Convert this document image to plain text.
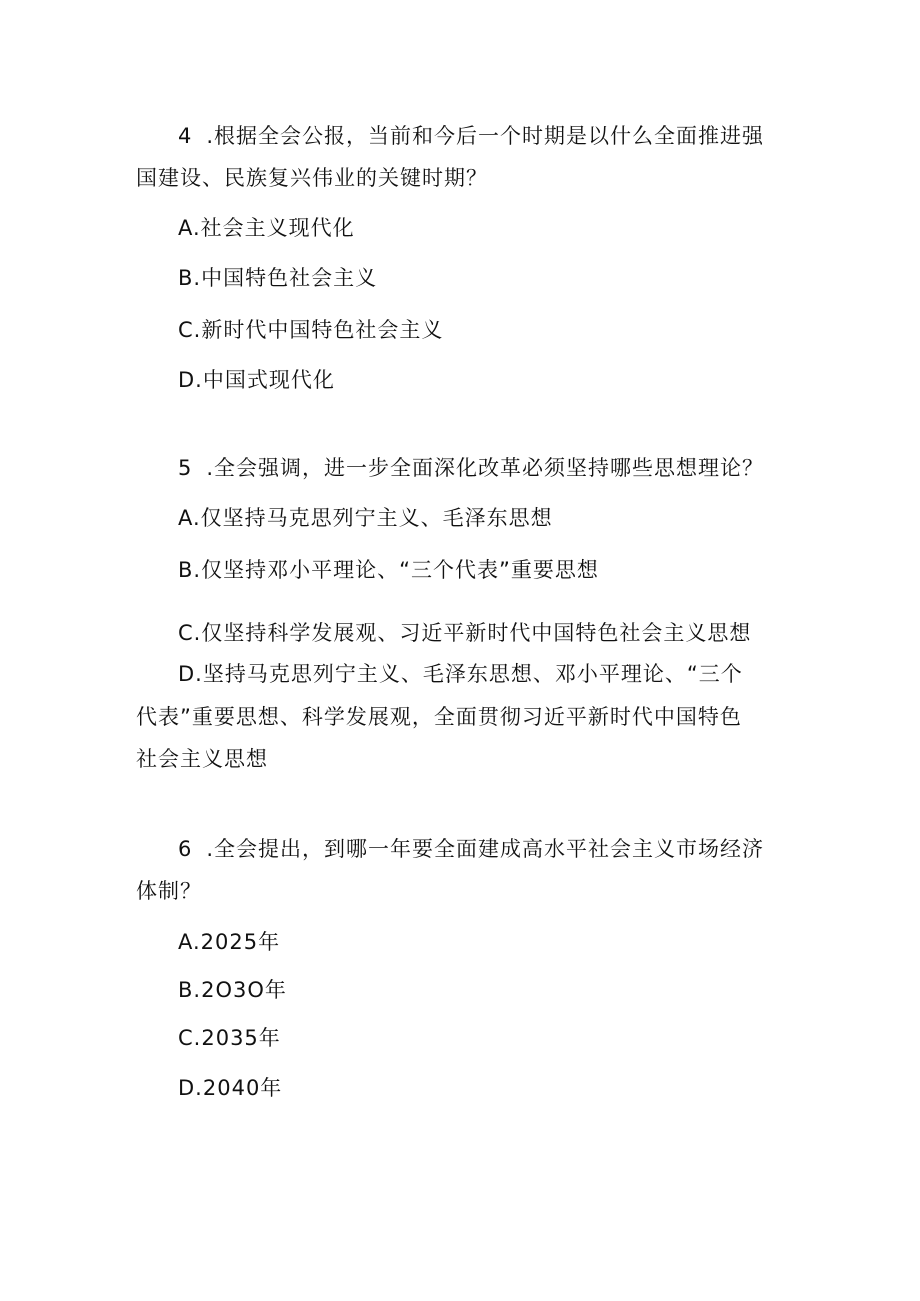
4 .根据全会公报，当前和今后一个时期是以什么全面推进强
国建设、民族复兴伟业的关键时期？
A.社会主义现代化
B.中国特色社会主义
C.新时代中国特色社会主义
D.中国式现代化
5 .全会强调，进一步全面深化改革必须坚持哪些思想理论？
A.仅坚持马克思列宁主义、毛泽东思想
B.仅坚持邓小平理论、“三个代表”重要思想
C.仅坚持科学发展观、习近平新时代中国特色社会主义思想
D.坚持马克思列宁主义、毛泽东思想、邓小平理论、“三个
代表”重要思想、科学发展观，全面贯彻习近平新时代中国特色
社会主义思想
6 .全会提出，到哪一年要全面建成高水平社会主义市场经济
体制？
A.2025年
B.2O3O年
C.2035年
D.2040年
